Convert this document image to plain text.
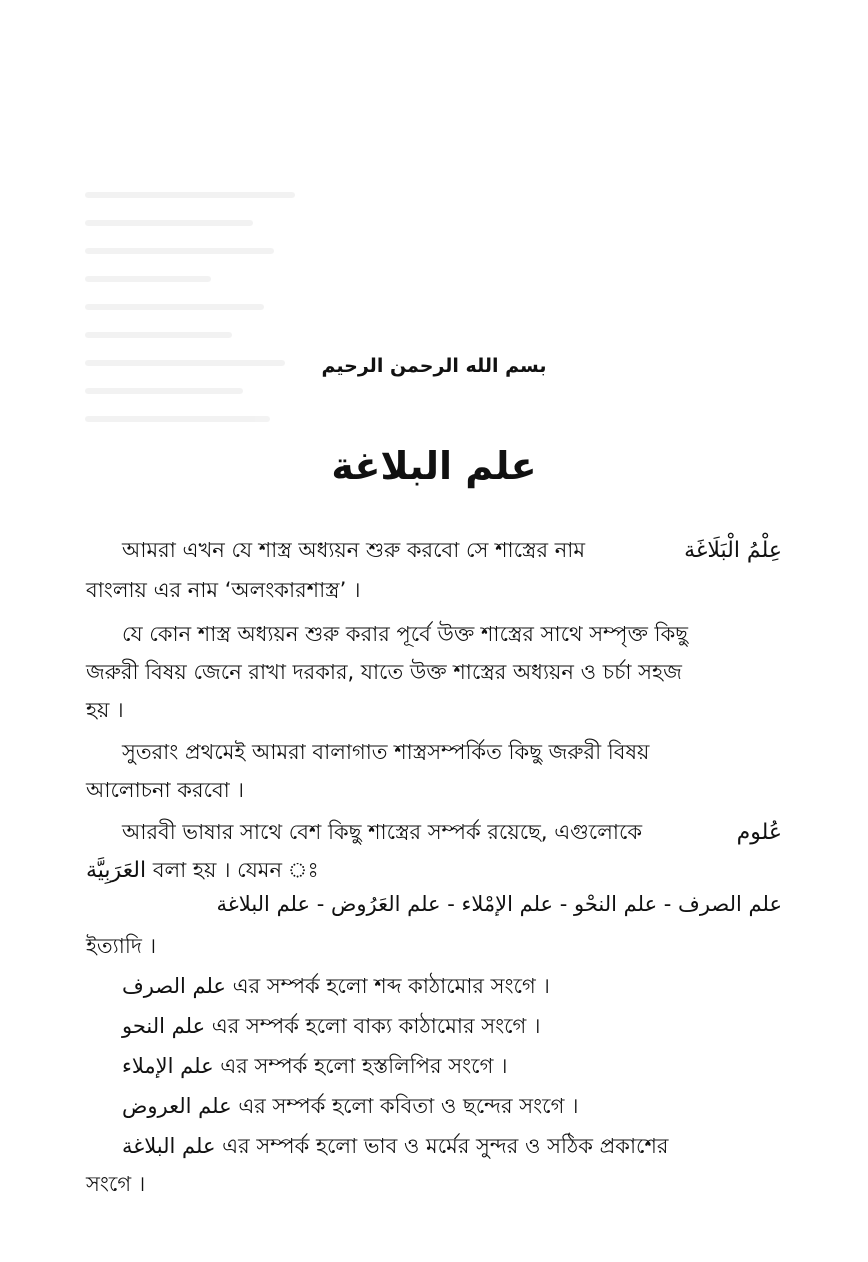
بسم الله الرحمن الرحيم
علم البلاغة
আমরা এখন যে শাস্ত্র অধ্যয়ন শুরু করবো সে শাস্ত্রের নাম	عِلْمُ الْبَلَاغَة
বাংলায় এর নাম ‘অলংকারশাস্ত্র’ ।
যে কোন শাস্ত্র অধ্যয়ন শুরু করার পূর্বে উক্ত শাস্ত্রের সাথে সম্পৃক্ত কিছু
জরুরী বিষয় জেনে রাখা দরকার, যাতে উক্ত শাস্ত্রের অধ্যয়ন ও চর্চা সহজ
হয় ।
সুতরাং প্রথমেই আমরা বালাগাত শাস্ত্রসম্পর্কিত কিছু জরুরী বিষয়
আলোচনা করবো ।
আরবী ভাষার সাথে বেশ কিছু শাস্ত্রের সম্পর্ক রয়েছে, এগুলোকে	عُلوم
العَرَبِيَّة বলা হয় । যেমন ঃ
علم الصرف - علم النحْو - علم الإمْلاء - علم العَرُوض - علم البلاغة
ইত্যাদি ।
علم الصرف এর সম্পর্ক হলো শব্দ কাঠামোর সংগে ।
علم النحو এর সম্পর্ক হলো বাক্য কাঠামোর সংগে ।
علم الإملاء এর সম্পর্ক হলো হস্তলিপির সংগে ।
علم العروض এর সম্পর্ক হলো কবিতা ও ছন্দের সংগে ।
علم البلاغة এর সম্পর্ক হলো ভাব ও মর্মের সুন্দর ও সঠিক প্রকাশের
সংগে ।
